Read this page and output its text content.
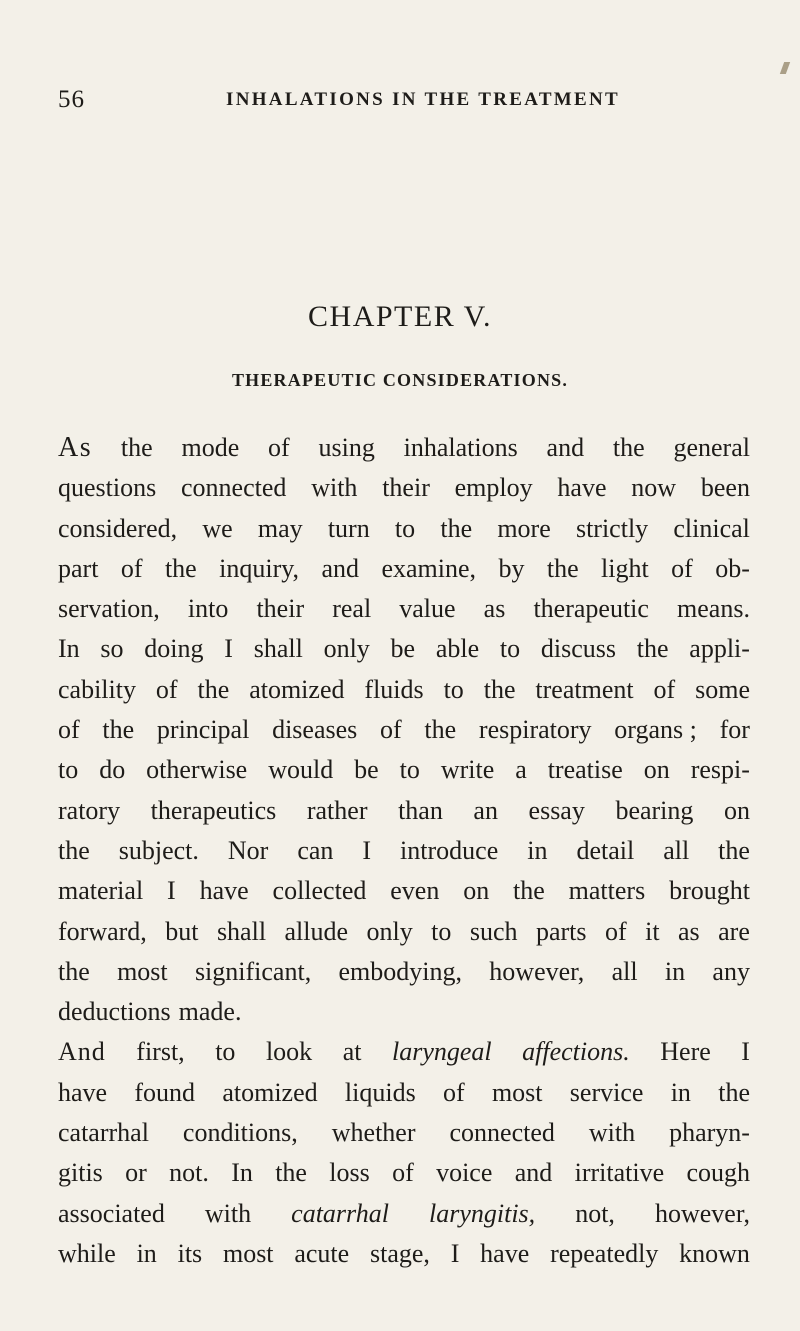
56	INHALATIONS IN THE TREATMENT
CHAPTER V.
THERAPEUTIC CONSIDERATIONS.
As the mode of using inhalations and the general
questions connected with their employ have now been
considered, we may turn to the more strictly clinical
part of the inquiry, and examine, by the light of ob-
servation, into their real value as therapeutic means.
In so doing I shall only be able to discuss the appli-
cability of the atomized fluids to the treatment of some
of the principal diseases of the respiratory organs ; for
to do otherwise would be to write a treatise on respi-
ratory therapeutics rather than an essay bearing on
the subject. Nor can I introduce in detail all the
material I have collected even on the matters brought
forward, but shall allude only to such parts of it as are
the most significant, embodying, however, all in any
deductions made.
And first, to look at laryngeal affections. Here I
have found atomized liquids of most service in the
catarrhal conditions, whether connected with pharyn-
gitis or not. In the loss of voice and irritative cough
associated with catarrhal laryngitis, not, however,
while in its most acute stage, I have repeatedly known
